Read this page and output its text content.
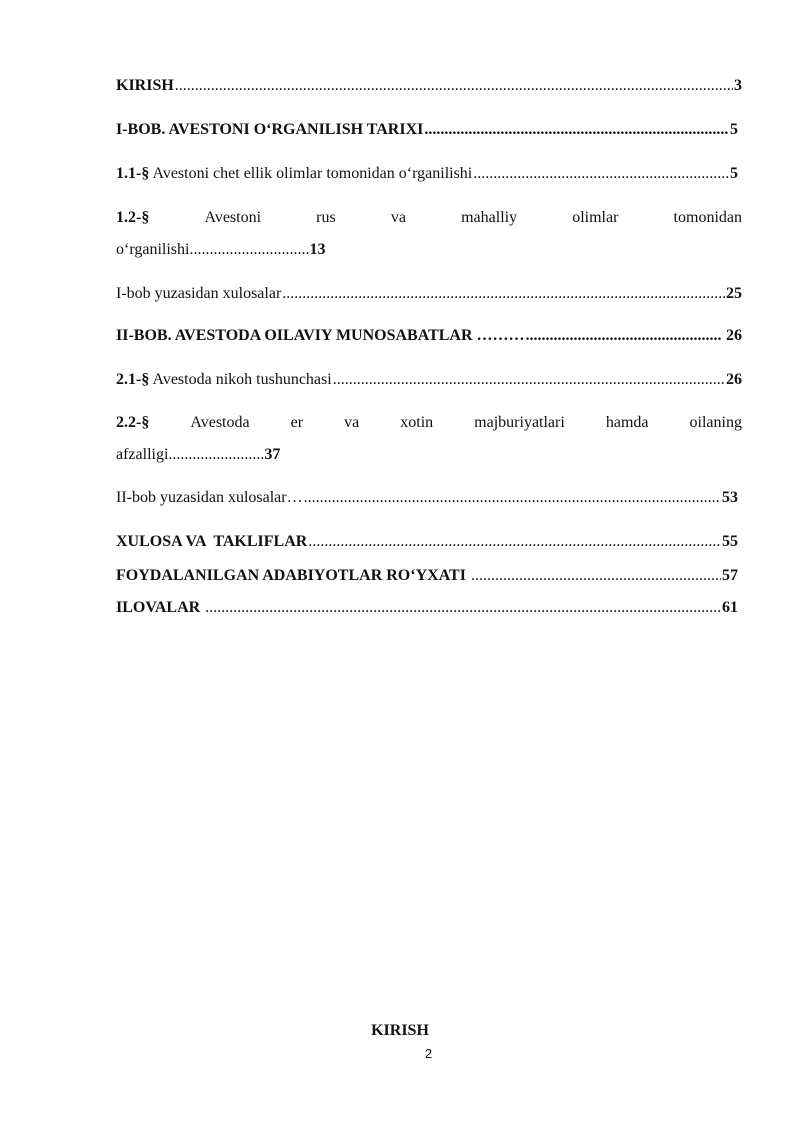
KIRISH .....	3
I-BOB. AVESTONI O‘RGANILISH TARIXI .....	5
1.1-§ Avestoni chet ellik olimlar tomonidan o‘rganilishi .....	5
1.2-§	Avestoni	rus	va	mahalliy	olimlar	tomonidan
o‘rganilishi..............................13
I-bob yuzasidan xulosalar .....	25
II-BOB. AVESTODA OILAVIY MUNOSABATLAR ……… .....	26
2.1-§ Avestoda nikoh tushunchasi .....	26
2.2-§	Avestoda	er	va	xotin	majburiyatlari	hamda	oilaning
afzalligi........................37
II-bob yuzasidan xulosalar… .....	53
XULOSA VA  TAKLIFLAR .....	55
FOYDALANILGAN ADABIYOTLAR RO‘YXATI .....	57
ILOVALAR .....	61
KIRISH
2
